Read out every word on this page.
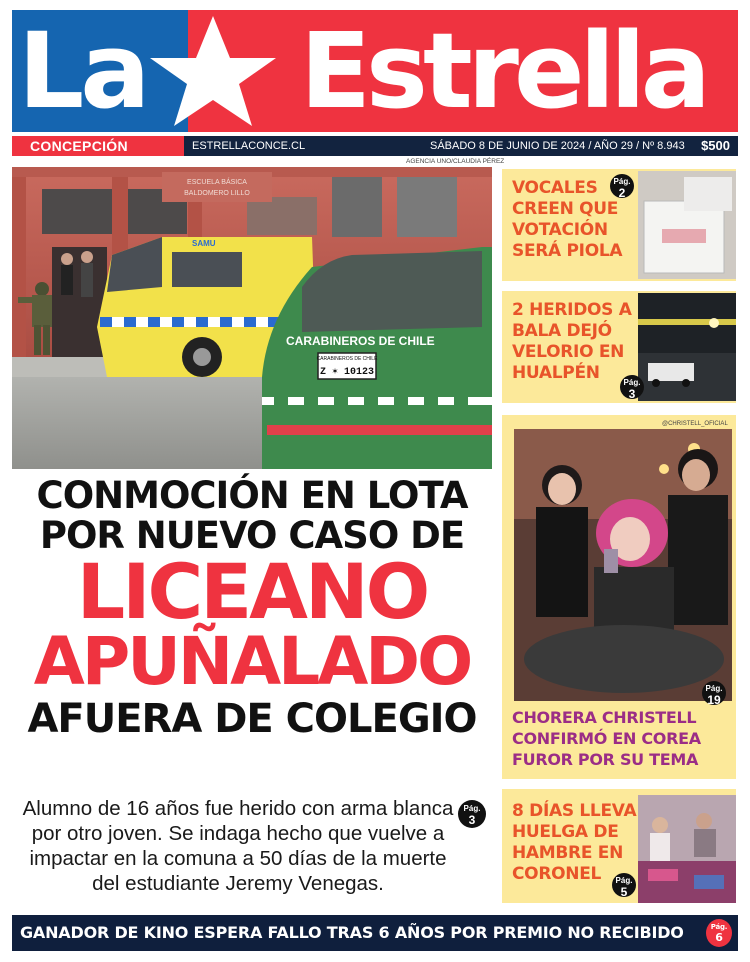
La Estrella
CONCEPCIÓN	ESTRELLACONCE.CL	SÁBADO 8 DE JUNIO DE 2024 / AÑO 29 / Nº 8.943 $500
AGENCIA UNO/CLAUDIA PÉREZ
ESCUELA BÁSICA
BALDOMERO LILLO
SAMU
CARABINEROS DE CHILE
CARABINEROS DE CHILE
Z ✶ 10123
CONMOCIÓN EN LOTA
POR NUEVO CASO DE
LICEANO
APUÑALADO
AFUERA DE COLEGIO
Alumno de 16 años fue herido con arma blanca por otro joven. Se indaga hecho que vuelve a impactar en la comuna a 50 días de la muerte del estudiante Jeremy Venegas.
Pág.
3
VOCALES CREEN QUE VOTACIÓN SERÁ PIOLA
Pág.
2
2 HERIDOS A BALA DEJÓ VELORIO EN HUALPÉN	Pág.
3
@CHRISTELL_OFICIAL
Pág.
19
CHORERA CHRISTELL CONFIRMÓ EN COREA FUROR POR SU TEMA
8 DÍAS LLEVA HUELGA DE HAMBRE EN CORONEL	Pág.
5
GANADOR DE KINO ESPERA FALLO TRAS 6 AÑOS POR PREMIO NO RECIBIDO	Pág.
6
